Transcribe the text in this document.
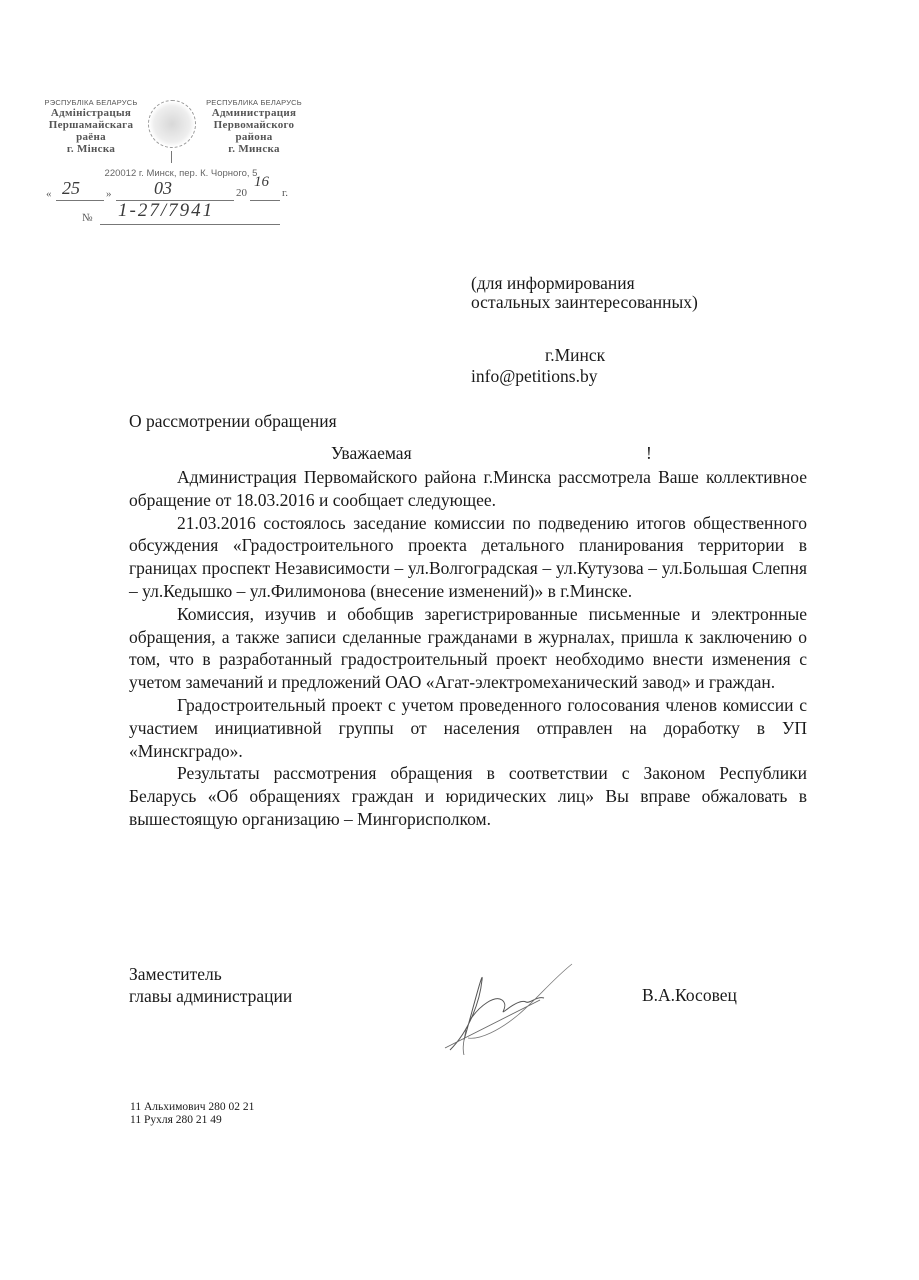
РЭСПУБЛІКА БЕЛАРУСЬ
Адміністрацыя
Першамайскага
раёна
г. Мінска
РЕСПУБЛИКА БЕЛАРУСЬ
Администрация
Первомайского
района
г. Минска
220012 г. Минск, пер. К. Чорного, 5
« 25 » 03	20
16
г.
№ 1-27/7941
(для информирования
остальных заинтересованных)
г.Минск
info@petitions.by
О рассмотрении обращения
Уважаемая	!

Администрация Первомайского района г.Минска рассмотрела Ваше коллективное обращение от 18.03.2016 и сообщает следующее.

21.03.2016 состоялось заседание комиссии по подведению итогов общественного обсуждения «Градостроительного проекта детального планирования территории в границах проспект Независимости – ул.Волгоградская – ул.Кутузова – ул.Большая Слепня – ул.Кедышко – ул.Филимонова (внесение изменений)» в г.Минске.

Комиссия, изучив и обобщив зарегистрированные письменные и электронные обращения, а также записи сделанные гражданами в журналах, пришла к заключению о том, что в разработанный градостроительный проект необходимо внести изменения с учетом замечаний и предложений ОАО «Агат-электромеханический завод» и граждан.

Градостроительный проект с учетом проведенного голосования членов комиссии с участием инициативной группы от населения отправлен на доработку в УП «Минскградо».

Результаты рассмотрения обращения в соответствии с Законом Республики Беларусь «Об обращениях граждан и юридических лиц» Вы вправе обжаловать в вышестоящую организацию – Мингорисполком.

Заместитель
главы администрации	В.А.Косовец
11 Альхимович 280 02 21
11 Рухля 280 21 49
